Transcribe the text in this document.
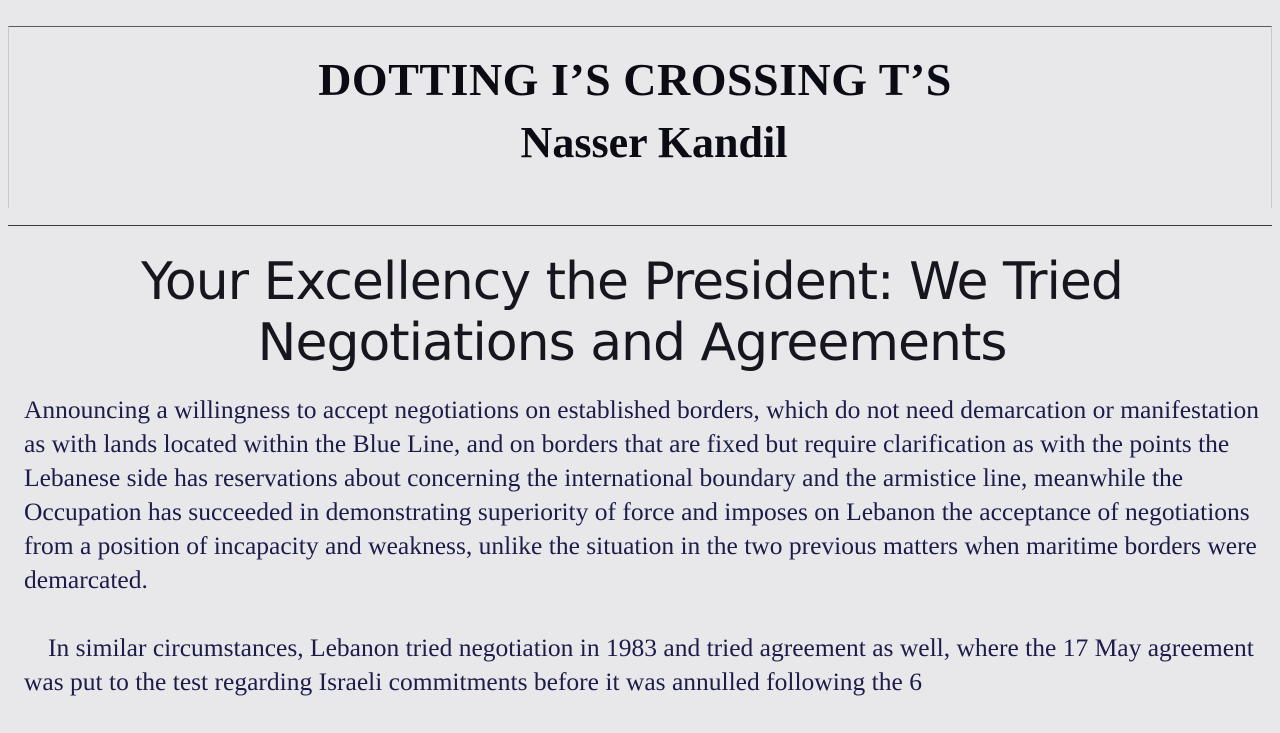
DOTTING I’S CROSSING T’S
Nasser Kandil
Your Excellency the President: We Tried Negotiations and Agreements

Announcing a willingness to accept negotiations on established borders, which do not need demarcation or manifestation as with lands located within the Blue Line, and on borders that are fixed but require clarification as with the points the Lebanese side has reservations about concerning the international boundary and the armistice line, meanwhile the Occupation has succeeded in demonstrating superiority of force and imposes on Lebanon the acceptance of negotiations from a position of incapacity and weakness, unlike the situation in the two previous matters when maritime borders were demarcated.

In similar circumstances, Lebanon tried negotiation in 1983 and tried agreement as well, where the 17 May agreement was put to the test regarding Israeli commitments before it was annulled following the 6
